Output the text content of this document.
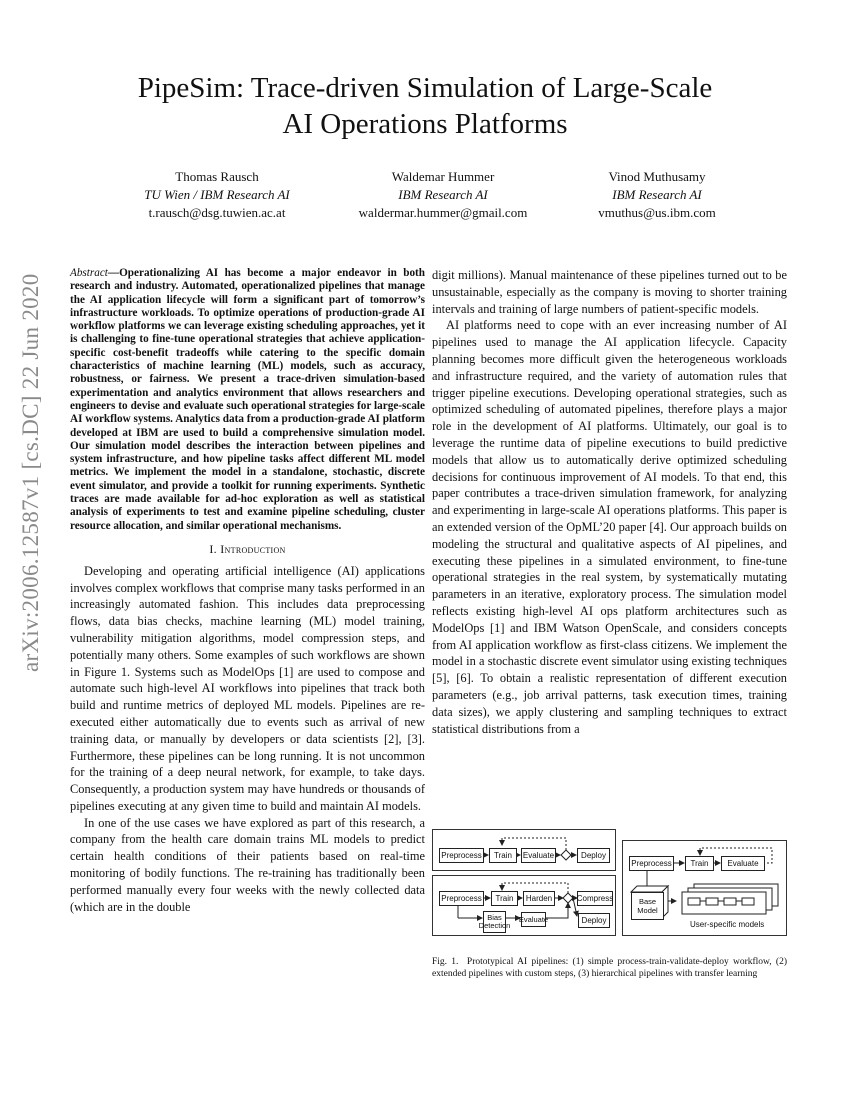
PipeSim: Trace-driven Simulation of Large-Scale
AI Operations Platforms
Thomas Rausch
TU Wien / IBM Research AI
t.rausch@dsg.tuwien.ac.at
Waldemar Hummer
IBM Research AI
waldermar.hummer@gmail.com
Vinod Muthusamy
IBM Research AI
vmuthus@us.ibm.com
arXiv:2006.12587v1 [cs.DC] 22 Jun 2020

Abstract—Operationalizing AI has become a major endeavor in both research and industry. Automated, operationalized pipelines that manage the AI application lifecycle will form a significant part of tomorrow’s infrastructure workloads. To optimize operations of production-grade AI workflow platforms we can leverage existing scheduling approaches, yet it is challenging to fine-tune operational strategies that achieve application-specific cost-benefit tradeoffs while catering to the specific domain characteristics of machine learning (ML) models, such as accuracy, robustness, or fairness. We present a trace-driven simulation-based experimentation and analytics environment that allows researchers and engineers to devise and evaluate such operational strategies for large-scale AI workflow systems. Analytics data from a production-grade AI platform developed at IBM are used to build a comprehensive simulation model. Our simulation model describes the interaction between pipelines and system infrastructure, and how pipeline tasks affect different ML model metrics. We implement the model in a standalone, stochastic, discrete event simulator, and provide a toolkit for running experiments. Synthetic traces are made available for ad-hoc exploration as well as statistical analysis of experiments to test and examine pipeline scheduling, cluster resource allocation, and similar operational mechanisms.

I. Introduction

Developing and operating artificial intelligence (AI) applications involves complex workflows that comprise many tasks performed in an increasingly automated fashion. This includes data preprocessing flows, data bias checks, machine learning (ML) model training, vulnerability mitigation algorithms, model compression steps, and potentially many others. Some examples of such workflows are shown in Figure 1. Systems such as ModelOps [1] are used to compose and automate such high-level AI workflows into pipelines that track both build and runtime metrics of deployed ML models. Pipelines are re-executed either automatically due to events such as arrival of new training data, or manually by developers or data scientists [2], [3]. Furthermore, these pipelines can be long running. It is not uncommon for the training of a deep neural network, for example, to take days. Consequently, a production system may have hundreds or thousands of pipelines executing at any given time to build and maintain AI models.

In one of the use cases we have explored as part of this research, a company from the health care domain trains ML models to predict certain health conditions of their patients based on real-time monitoring of bodily functions. The re-training has traditionally been performed manually every four weeks with the newly collected data (which are in the double

digit millions). Manual maintenance of these pipelines turned out to be unsustainable, especially as the company is moving to shorter training intervals and training of large numbers of patient-specific models.

AI platforms need to cope with an ever increasing number of AI pipelines used to manage the AI application lifecycle. Capacity planning becomes more difficult given the heterogeneous workloads and infrastructure required, and the variety of automation rules that trigger pipeline executions. Developing operational strategies, such as optimized scheduling of automated pipelines, therefore plays a major role in the development of AI platforms. Ultimately, our goal is to leverage the runtime data of pipeline executions to build predictive models that allow us to automatically derive optimized scheduling decisions for continuous improvement of AI models. To that end, this paper contributes a trace-driven simulation framework, for analyzing and experimenting in large-scale AI operations platforms. This paper is an extended version of the OpML’20 paper [4]. Our approach builds on modeling the structural and qualitative aspects of AI pipelines, and executing these pipelines in a simulated environment, to fine-tune operational strategies in the real system, by systematically mutating parameters in an iterative, exploratory process. The simulation model reflects existing high-level AI ops platform architectures such as ModelOps [1] and IBM Watson OpenScale, and considers concepts from AI application workflow as first-class citizens. We implement the model in a stochastic discrete event simulator using existing techniques [5], [6]. To obtain a realistic representation of different execution parameters (e.g., job arrival patterns, task execution times, training data sizes), we apply clustering and sampling techniques to extract statistical distributions from a

Preprocess	Train	Evaluate	Deploy
Preprocess	Train	Harden	Compress
Bias Detection
Evaluate	Deploy
Preprocess	Train	Evaluate
Base Model
User-specific models
Fig. 1. Prototypical AI pipelines: (1) simple process-train-validate-deploy workflow, (2) extended pipelines with custom steps, (3) hierarchical pipelines with transfer learning
